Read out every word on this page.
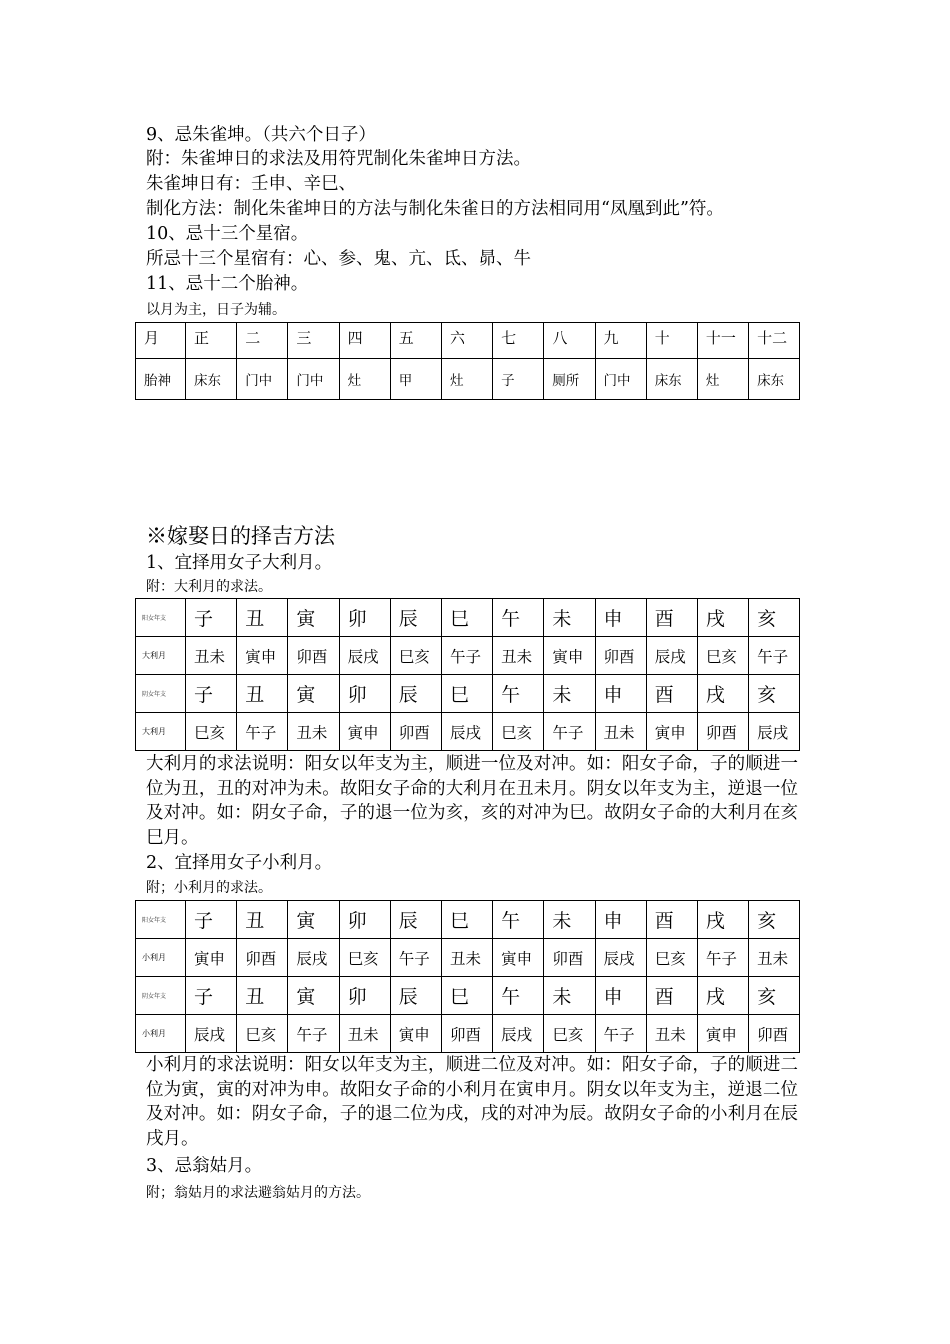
9、忌朱雀坤。（共六个日子）
附：朱雀坤日的求法及用符咒制化朱雀坤日方法。
朱雀坤日有：壬申、辛巳、
制化方法：制化朱雀坤日的方法与制化朱雀日的方法相同用“凤凰到此”符。
10、忌十三个星宿。
所忌十三个星宿有：心、参、鬼、亢、氐、昴、牛
11、忌十二个胎神。
以月为主，日子为辅。
月	正	二	三	四	五	六	七	八	九	十	十一	十二
胎神	床东	门中	门中	灶	甲	灶	子	厕所	门中	床东	灶	床东
※嫁娶日的择吉方法
1、宜择用女子大利月。
附：大利月的求法。
阳女年支	子	丑	寅	卯	辰	巳	午	未	申	酉	戌	亥
大利月	丑未	寅申	卯酉	辰戌	巳亥	午子	丑未	寅申	卯酉	辰戌	巳亥	午子
阴女年支	子	丑	寅	卯	辰	巳	午	未	申	酉	戌	亥
大利月	巳亥	午子	丑未	寅申	卯酉	辰戌	巳亥	午子	丑未	寅申	卯酉	辰戌
大利月的求法说明：阳女以年支为主，顺进一位及对冲。如：阳女子命，子的顺进一位为丑，丑的对冲为未。故阳女子命的大利月在丑未月。阴女以年支为主，逆退一位及对冲。如：阴女子命，子的退一位为亥，亥的对冲为巳。故阴女子命的大利月在亥巳月。
2、宜择用女子小利月。
附；小利月的求法。
阳女年支	子	丑	寅	卯	辰	巳	午	未	申	酉	戌	亥
小利月	寅申	卯酉	辰戌	巳亥	午子	丑未	寅申	卯酉	辰戌	巳亥	午子	丑未
阴女年支	子	丑	寅	卯	辰	巳	午	未	申	酉	戌	亥
小利月	辰戌	巳亥	午子	丑未	寅申	卯酉	辰戌	巳亥	午子	丑未	寅申	卯酉
小利月的求法说明：阳女以年支为主，顺进二位及对冲。如：阳女子命，子的顺进二位为寅，寅的对冲为申。故阳女子命的小利月在寅申月。阴女以年支为主，逆退二位及对冲。如：阴女子命，子的退二位为戌，戌的对冲为辰。故阴女子命的小利月在辰戌月。
3、忌翁姑月。
附；翁姑月的求法避翁姑月的方法。
